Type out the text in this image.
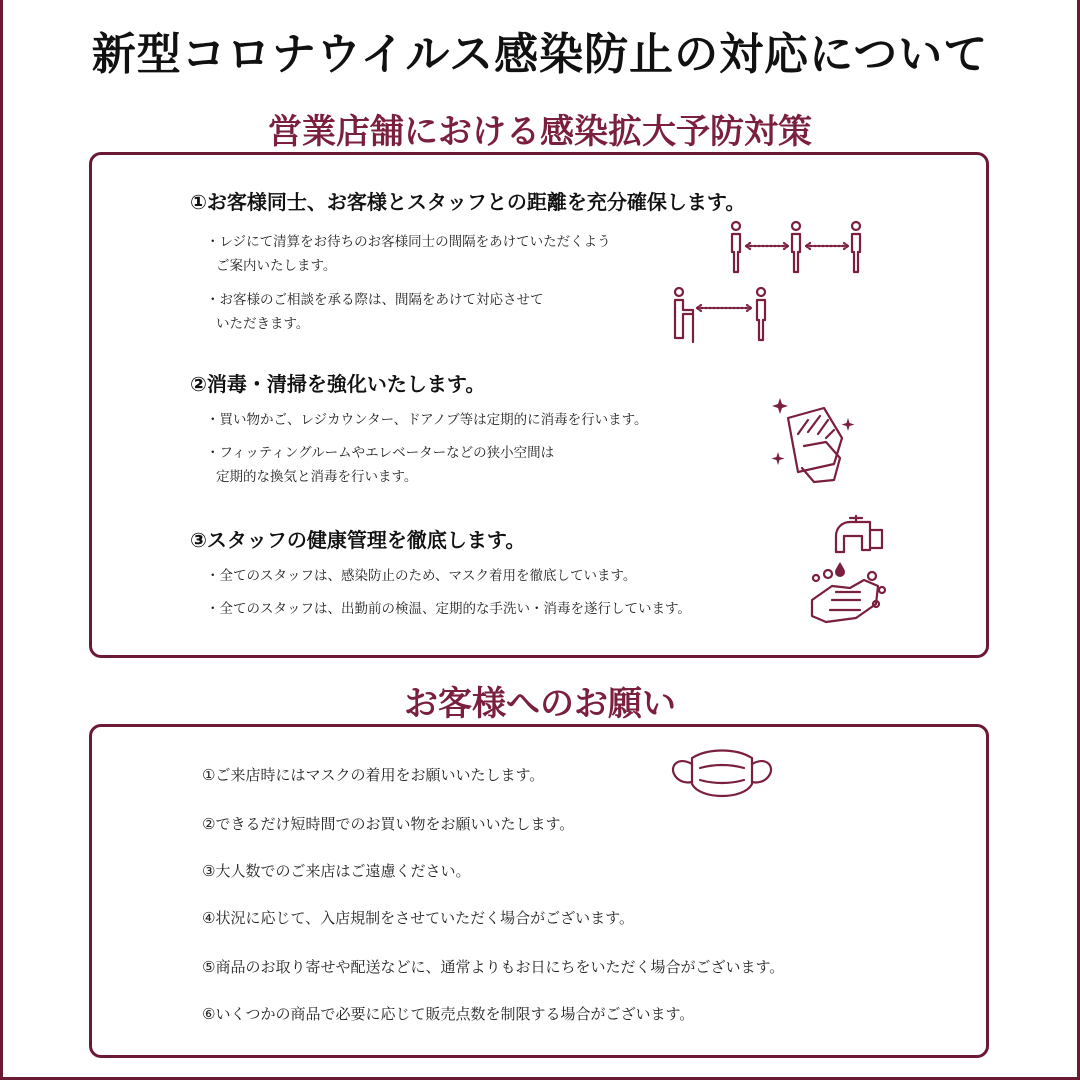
新型コロナウイルス感染防止の対応について
営業店舗における感染拡大予防対策
①お客様同士、お客様とスタッフとの距離を充分確保します。
・レジにて清算をお待ちのお客様同士の間隔をあけていただくよう
ご案内いたします。
・お客様のご相談を承る際は、間隔をあけて対応させて
いただきます。
②消毒・清掃を強化いたします。
・買い物かご、レジカウンター、ドアノブ等は定期的に消毒を行います。
・フィッティングルームやエレベーターなどの狭小空間は
定期的な換気と消毒を行います。
③スタッフの健康管理を徹底します。
・全てのスタッフは、感染防止のため、マスク着用を徹底しています。
・全てのスタッフは、出勤前の検温、定期的な手洗い・消毒を遂行しています。
お客様へのお願い
①ご来店時にはマスクの着用をお願いいたします。
②できるだけ短時間でのお買い物をお願いいたします。
③大人数でのご来店はご遠慮ください。
④状況に応じて、入店規制をさせていただく場合がございます。
⑤商品のお取り寄せや配送などに、通常よりもお日にちをいただく場合がございます。
⑥いくつかの商品で必要に応じて販売点数を制限する場合がございます。
